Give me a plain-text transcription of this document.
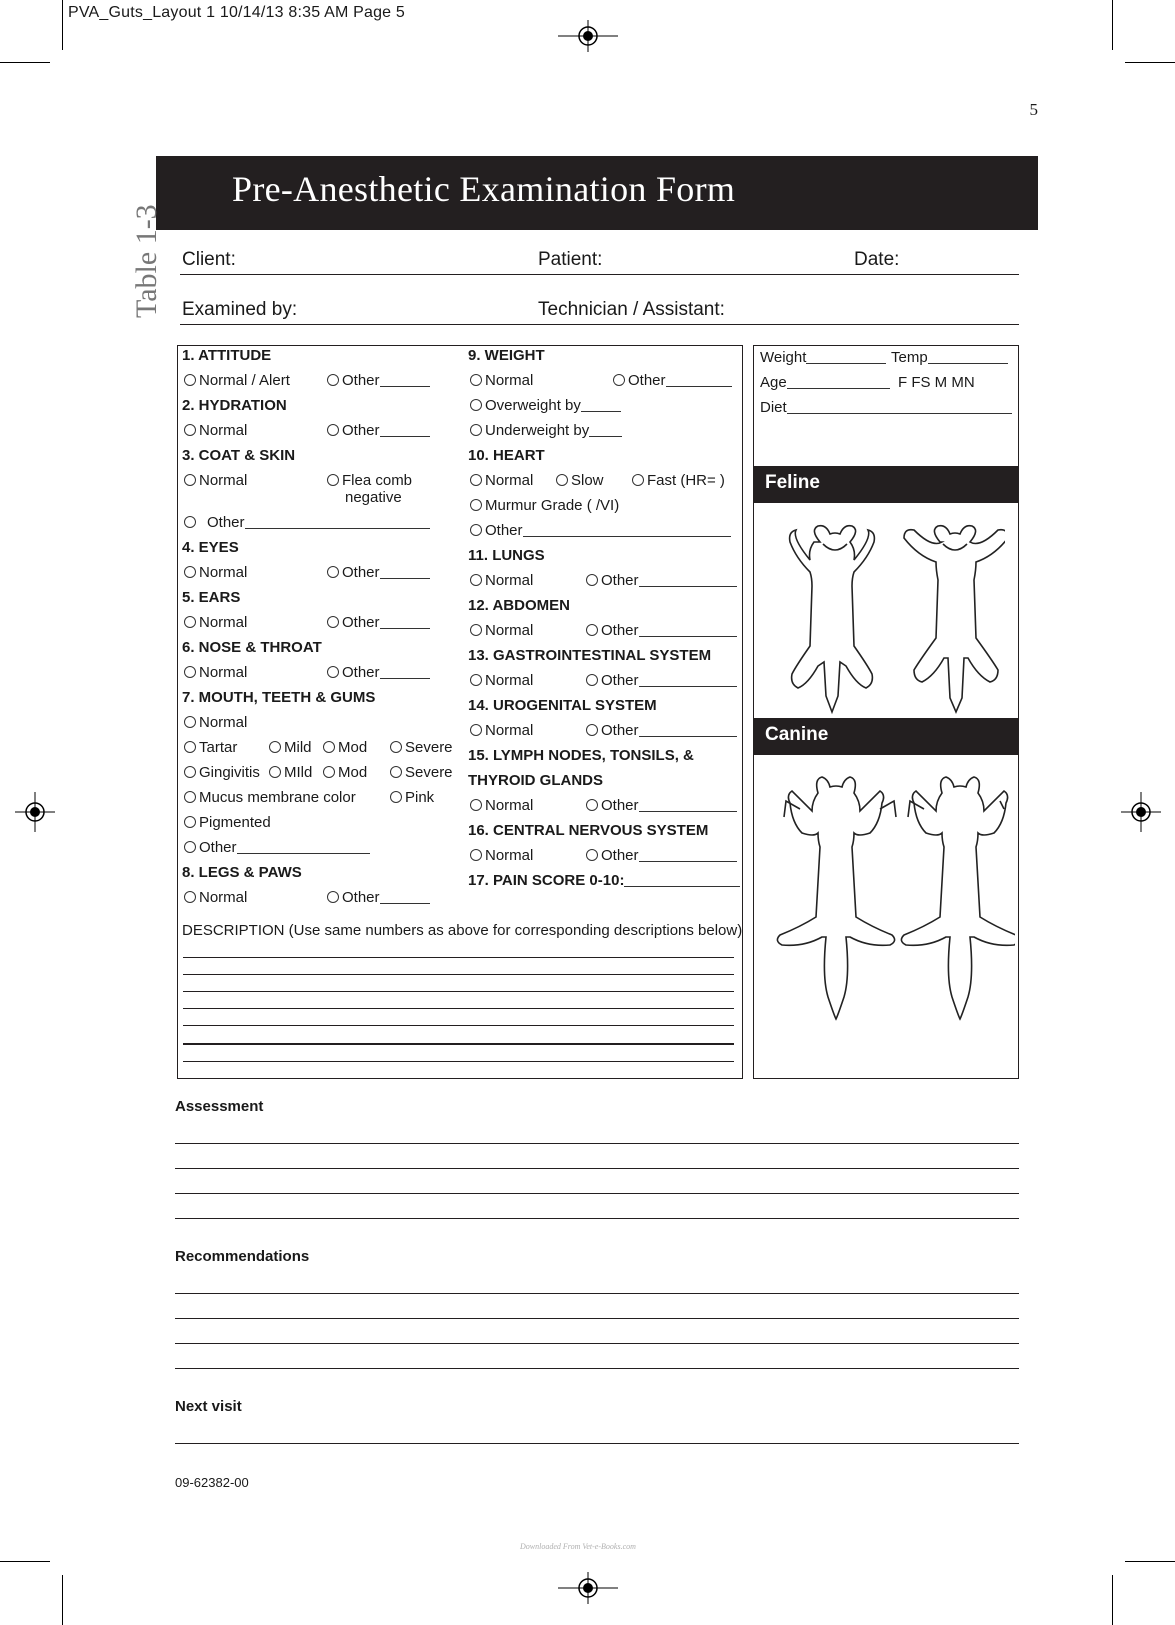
PVA_Guts_Layout 1 10/14/13 8:35 AM Page 5
5
Pre-Anesthetic Examination Form
Table 1-3 Client:	Patient:	Date:
Examined by:	Technician / Assistant:
1. ATTITUDE
Normal / Alert	Other
2. HYDRATION
Normal	Other
3. COAT & SKIN
Normal	Flea comb
negative
Other
4. EYES
Normal	Other
5. EARS
Normal	Other
6. NOSE & THROAT
Normal	Other
7. MOUTH, TEETH & GUMS
Normal
Tartar	Mild	Mod	Severe
Gingivitis	MIld	Mod	Severe
Mucus membrane color	Pink
Pigmented
Other
8. LEGS & PAWS
Normal	Other
9. WEIGHT
Normal	Other
Overweight by
Underweight by
10. HEART
Normal	Slow	Fast (HR= )
Murmur Grade ( /VI)
Other
11. LUNGS
Normal	Other
12. ABDOMEN
Normal	Other
13. GASTROINTESTINAL SYSTEM
Normal	Other
14. UROGENITAL SYSTEM
Normal	Other
15. LYMPH NODES, TONSILS, &
THYROID GLANDS
Normal	Other
16. CENTRAL NERVOUS SYSTEM
Normal	Other
17. PAIN SCORE 0-10:
DESCRIPTION (Use same numbers as above for corresponding descriptions below)
Weight	Temp
Age	F FS M MN
Diet
Feline
Canine
Assessment
Recommendations
Next visit
09-62382-00
Downloaded From Vet-e-Books.com
